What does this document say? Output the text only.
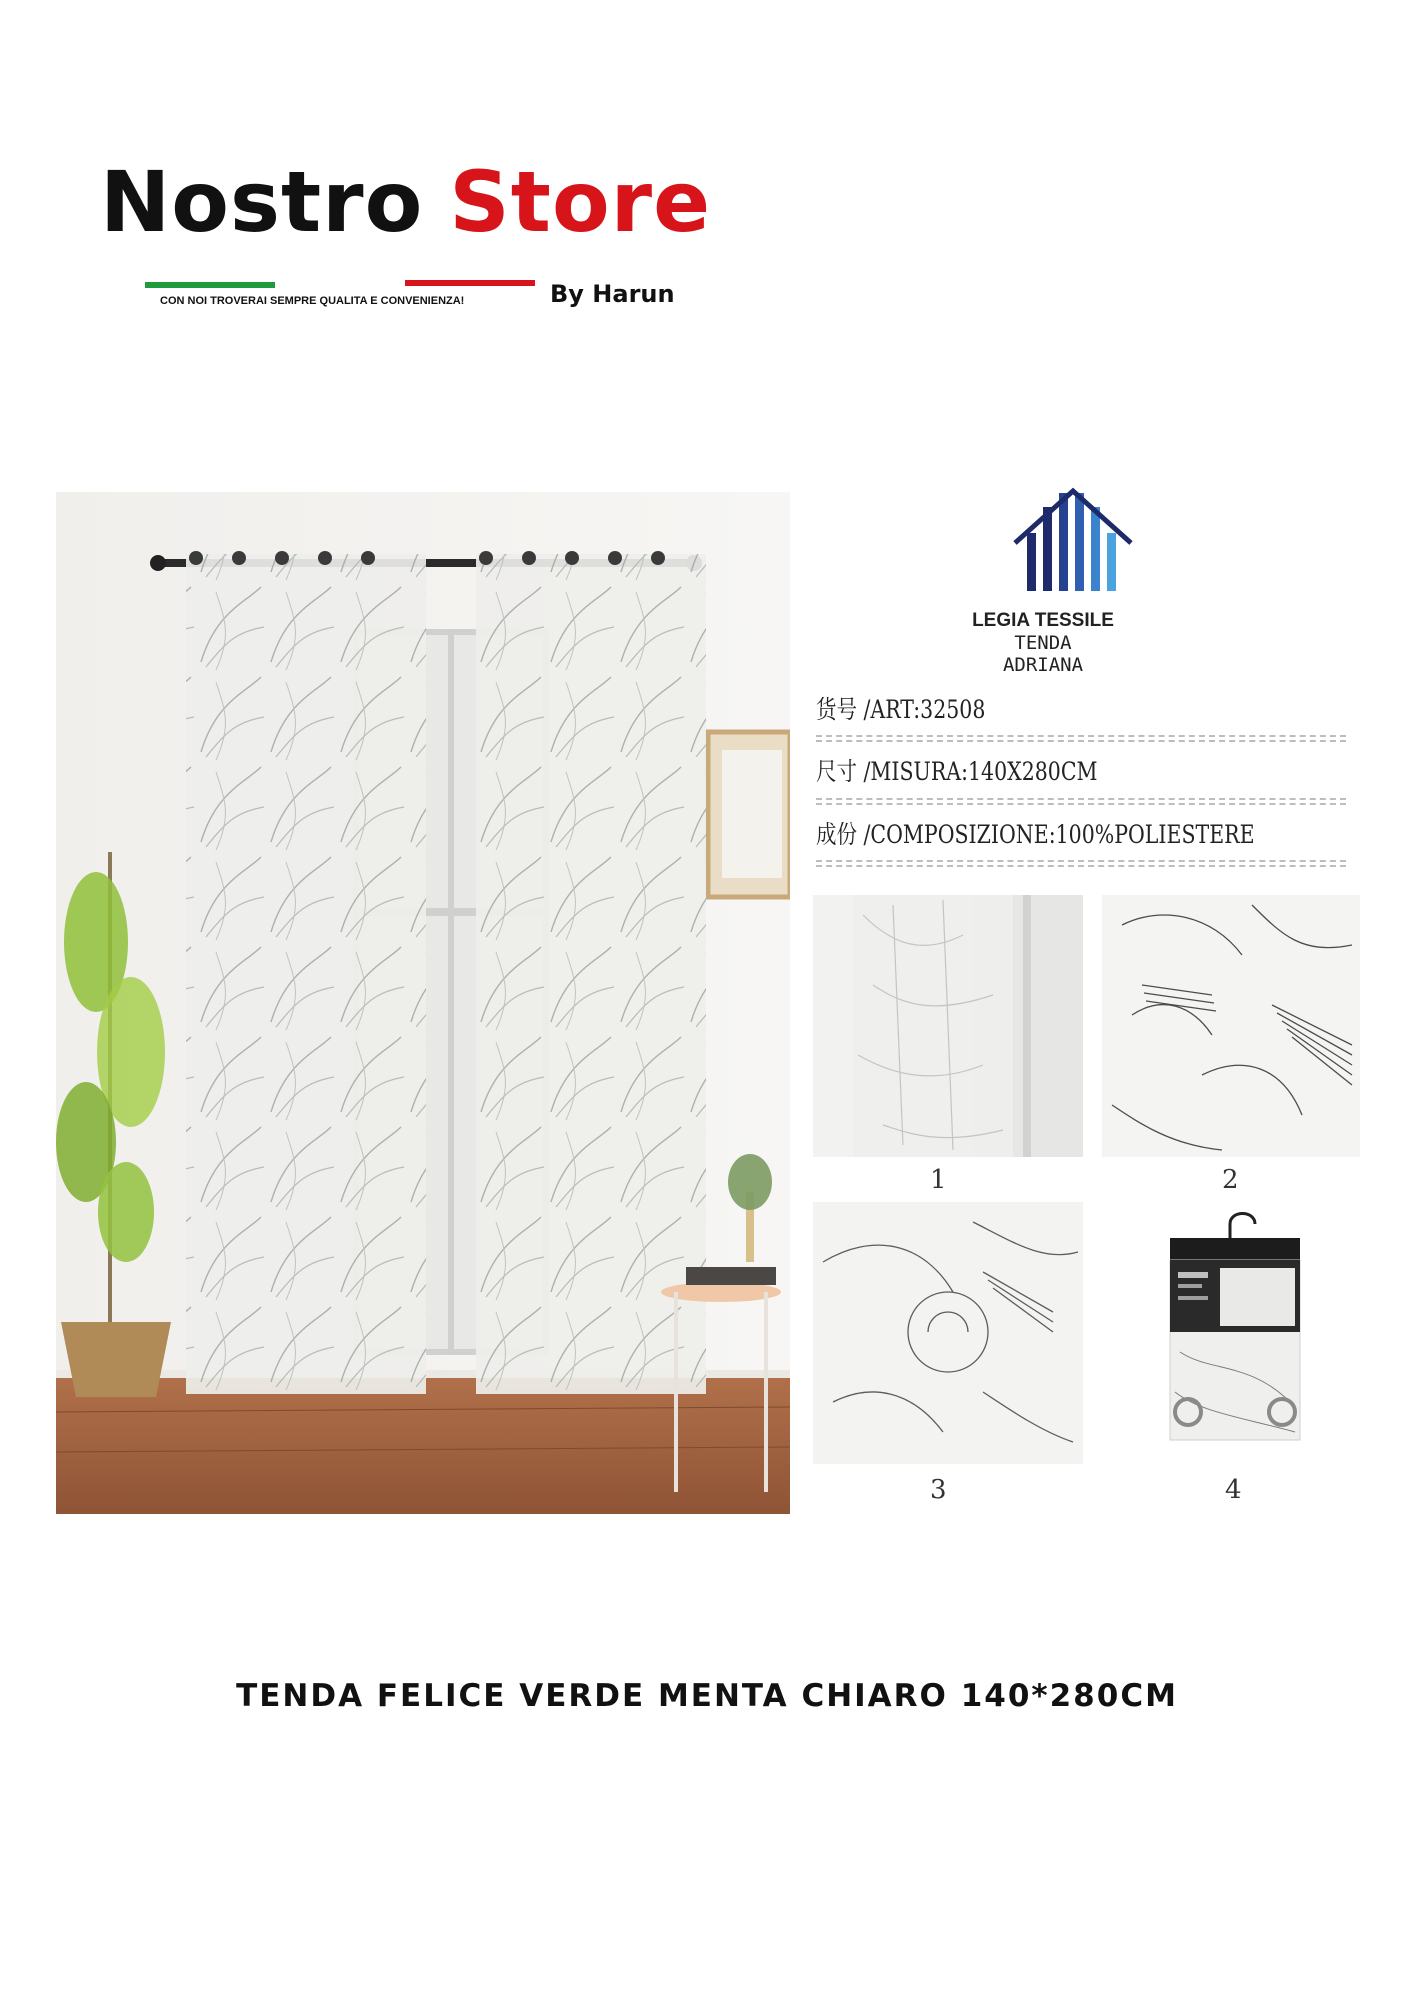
Nostro Store
CON NOI TROVERAI SEMPRE QUALITA E CONVENIENZA!	By Harun
LEGIA TESSILE
TENDA
ADRIANA
货号 /ART:32508
尺寸 /MISURA:140X280CM
成份 /COMPOSIZIONE:100%POLIESTERE
1	2
3	4
TENDA FELICE VERDE MENTA CHIARO 140*280CM
